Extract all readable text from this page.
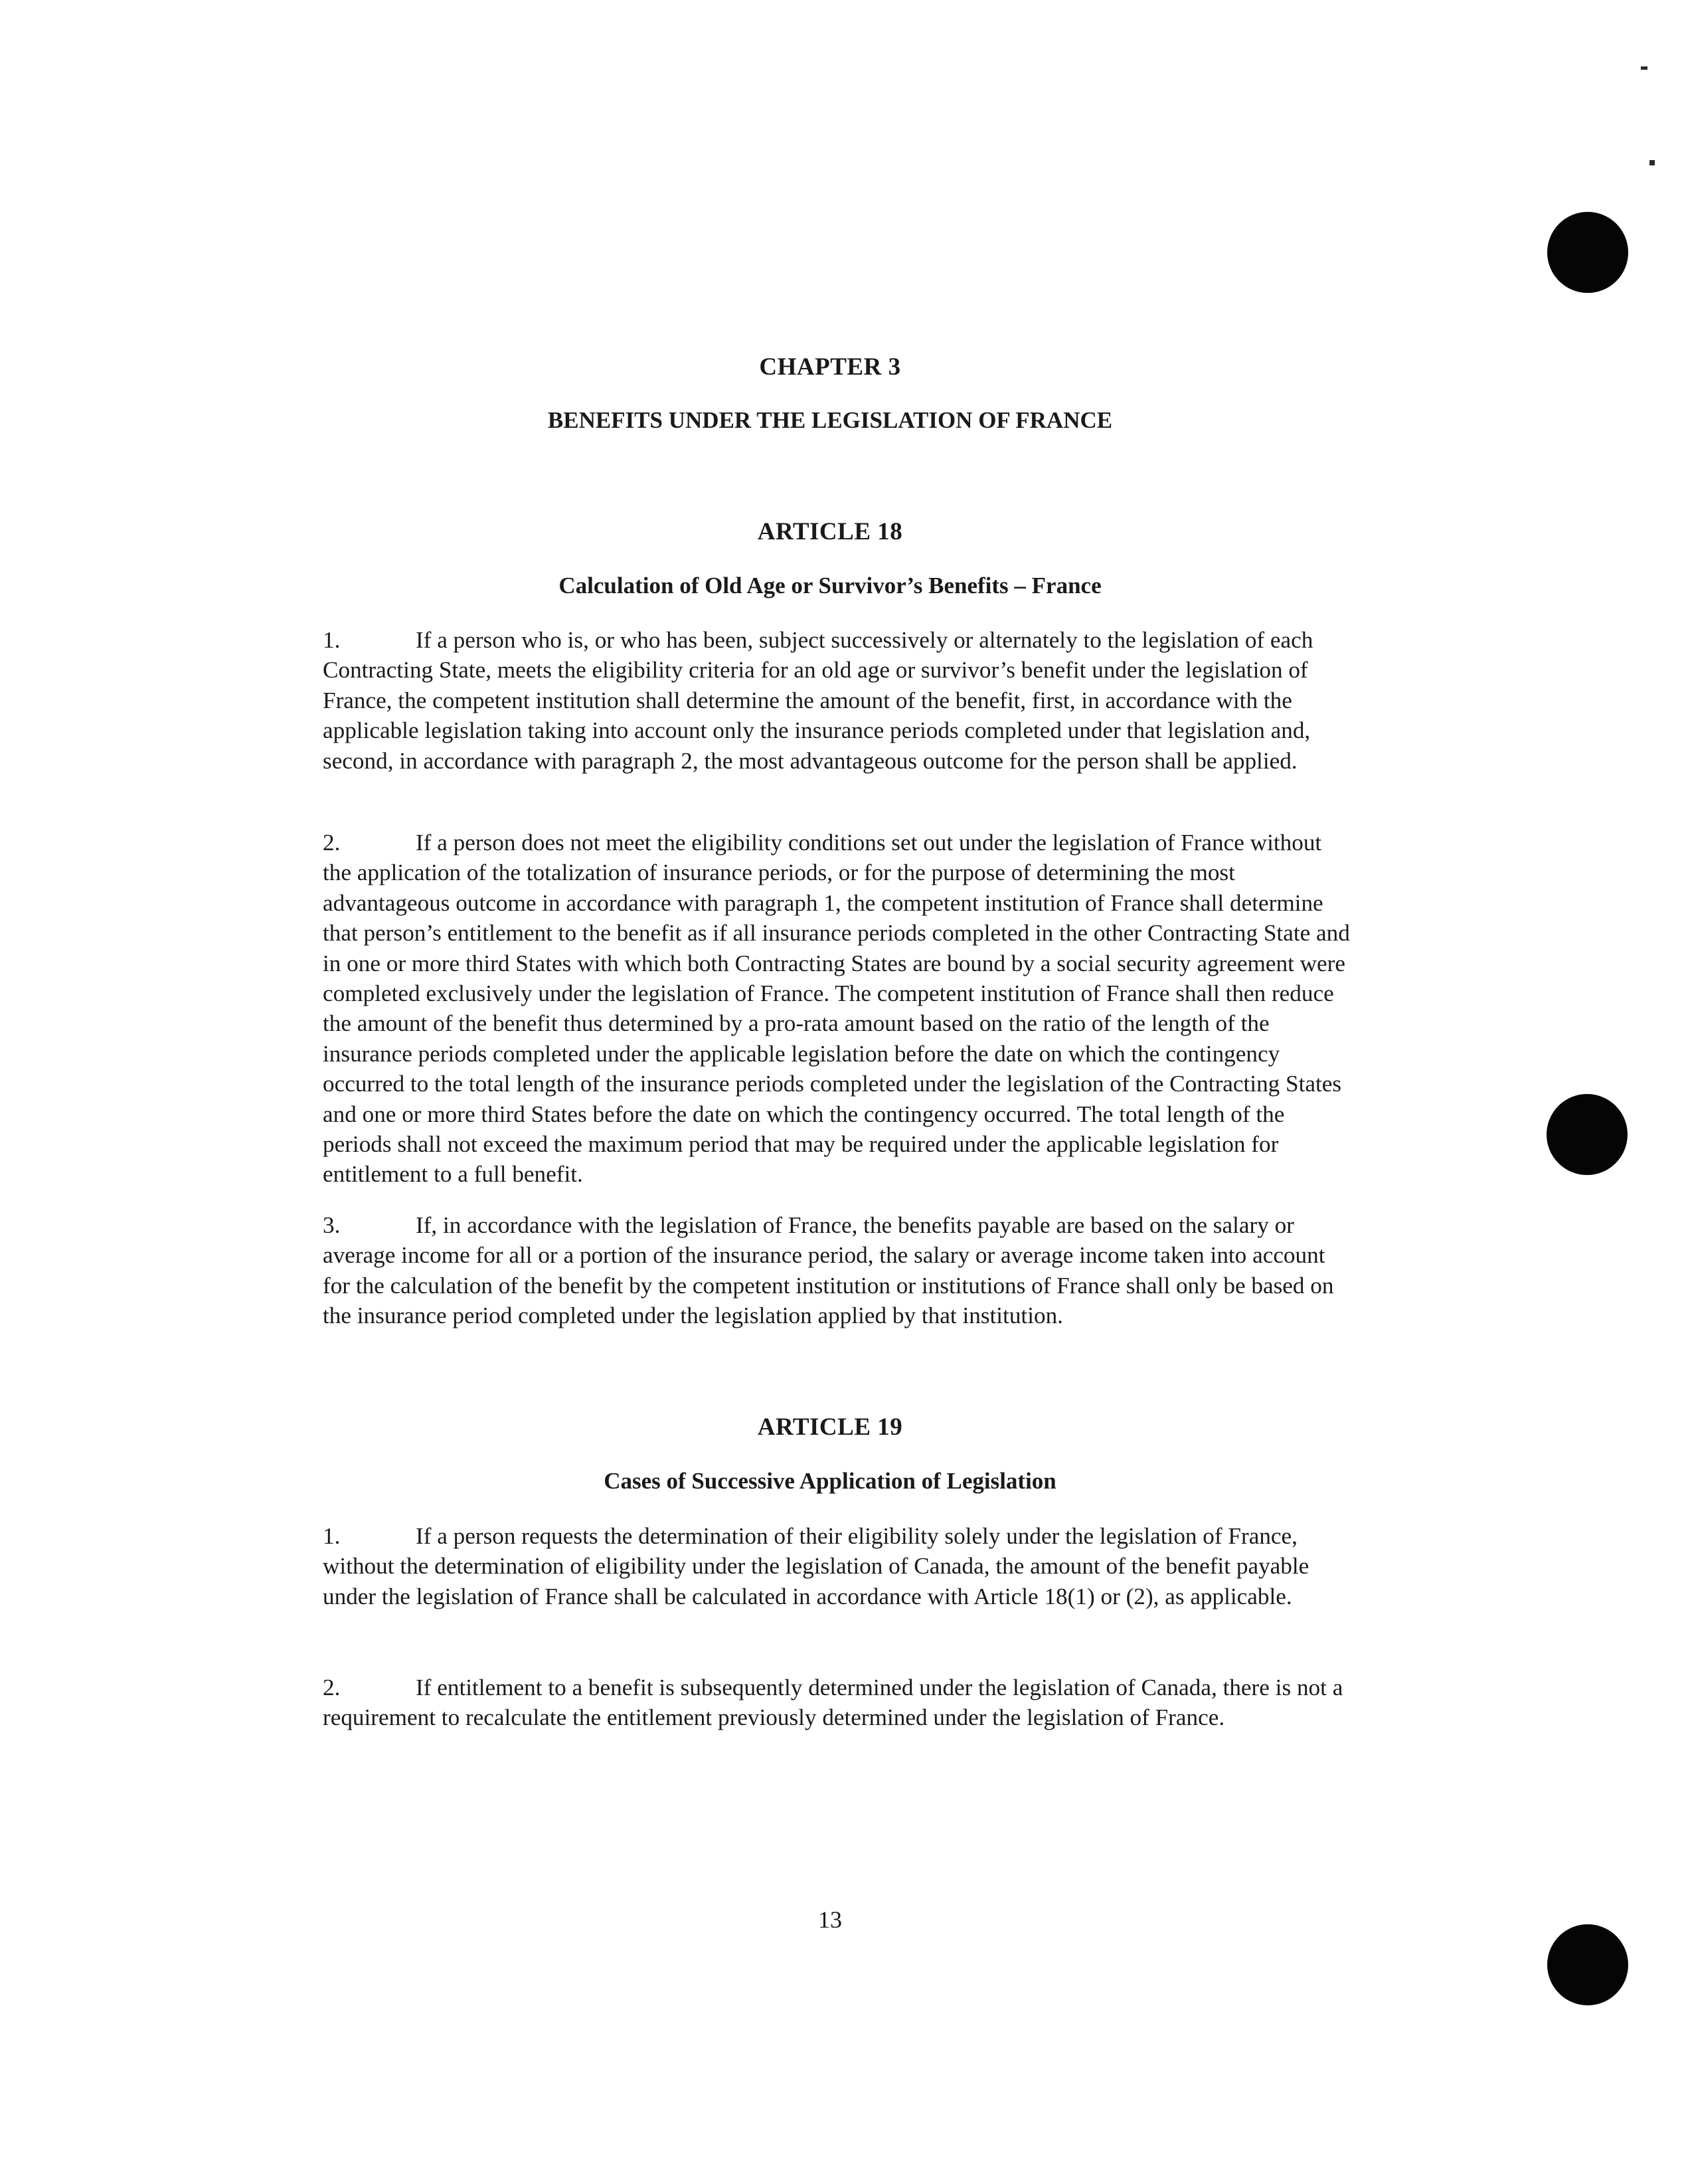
CHAPTER 3
BENEFITS UNDER THE LEGISLATION OF FRANCE
ARTICLE 18
Calculation of Old Age or Survivor’s Benefits – France

1.	If a person who is, or who has been, subject successively or alternately to the legislation of each Contracting State, meets the eligibility criteria for an old age or survivor’s benefit under the legislation of France, the competent institution shall determine the amount of the benefit, first, in accordance with the applicable legislation taking into account only the insurance periods completed under that legislation and, second, in accordance with paragraph 2, the most advantageous outcome for the person shall be applied.

2.	If a person does not meet the eligibility conditions set out under the legislation of France without the application of the totalization of insurance periods, or for the purpose of determining the most advantageous outcome in accordance with paragraph 1, the competent institution of France shall determine that person’s entitlement to the benefit as if all insurance periods completed in the other Contracting State and in one or more third States with which both Contracting States are bound by a social security agreement were completed exclusively under the legislation of France. The competent institution of France shall then reduce the amount of the benefit thus determined by a pro-rata amount based on the ratio of the length of the insurance periods completed under the applicable legislation before the date on which the contingency occurred to the total length of the insurance periods completed under the legislation of the Contracting States and one or more third States before the date on which the contingency occurred. The total length of the periods shall not exceed the maximum period that may be required under the applicable legislation for entitlement to a full benefit.

3.	If, in accordance with the legislation of France, the benefits payable are based on the salary or average income for all or a portion of the insurance period, the salary or average income taken into account for the calculation of the benefit by the competent institution or institutions of France shall only be based on the insurance period completed under the legislation applied by that institution.

ARTICLE 19
Cases of Successive Application of Legislation

1.	If a person requests the determination of their eligibility solely under the legislation of France, without the determination of eligibility under the legislation of Canada, the amount of the benefit payable under the legislation of France shall be calculated in accordance with Article 18(1) or (2), as applicable.

2.	If entitlement to a benefit is subsequently determined under the legislation of Canada, there is not a requirement to recalculate the entitlement previously determined under the legislation of France.

13
